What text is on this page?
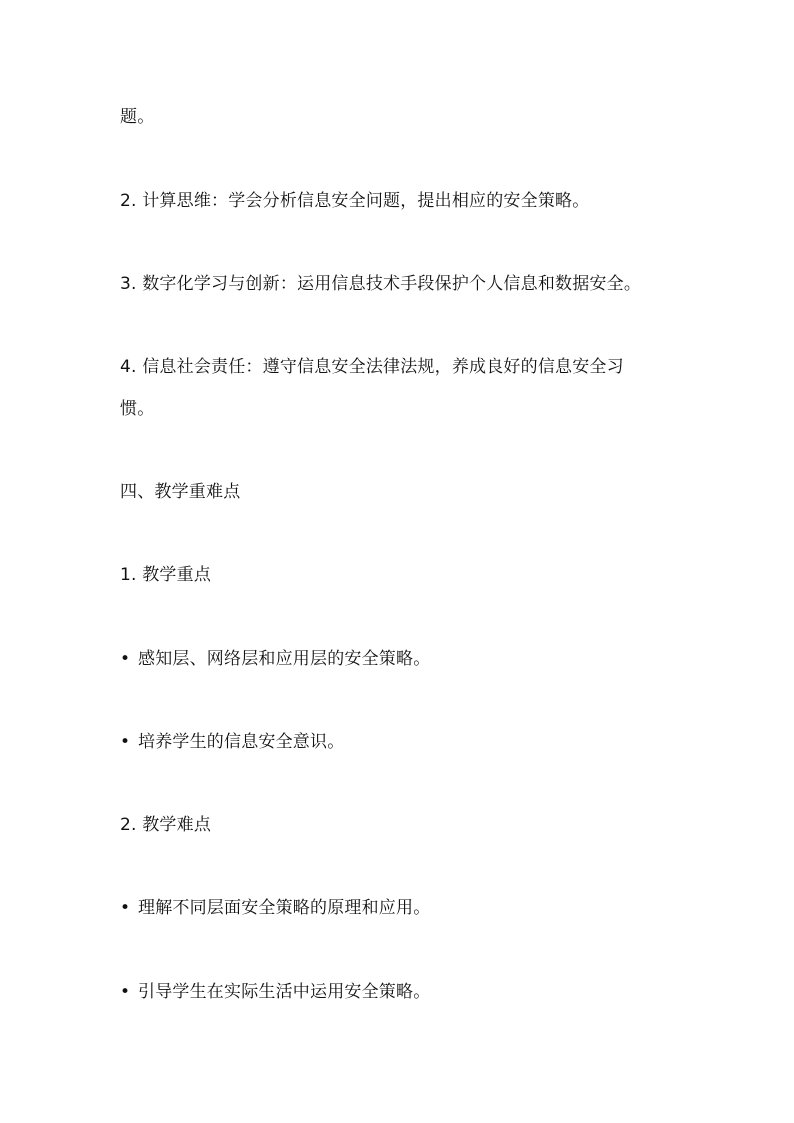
题。
2. 计算思维：学会分析信息安全问题，提出相应的安全策略。
3. 数字化学习与创新：运用信息技术手段保护个人信息和数据安全。
4. 信息社会责任：遵守信息安全法律法规，养成良好的信息安全习
惯。
四、教学重难点
1. 教学重点
• 感知层、网络层和应用层的安全策略。
• 培养学生的信息安全意识。
2. 教学难点
• 理解不同层面安全策略的原理和应用。
• 引导学生在实际生活中运用安全策略。
